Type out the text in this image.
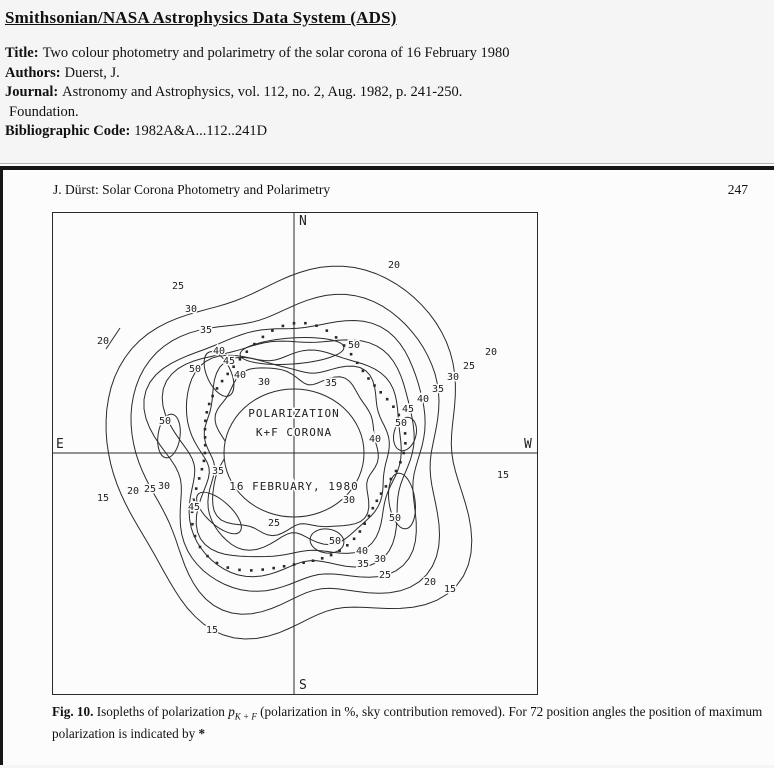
Smithsonian/NASA Astrophysics Data System (ADS)
Title: Two colour photometry and polarimetry of the solar corona of 16 February 1980
Authors: Duerst, J.
Journal: Astronomy and Astrophysics, vol. 112, no. 2, Aug. 1982, p. 241-250.
Foundation.
Bibliographic Code: 1982A&A...112..241D
J. Dürst: Solar Corona Photometry and Polarimetry	247
25
30
35
40
45
50
20
40
30	35
20
50
20
25
30
35
40
45
50
40
15
50
35
15
20 25 30
45
25
30
50
50
40
35 30
25
20
15
15
N
E
S
W
POLARIZATION
K+F CORONA
16 FEBRUARY, 1980
Fig. 10. Isopleths of polarization $p_{K + F}$ (polarization in %, sky contribution removed). For 72 position angles the position of maximum polarization is indicated by *
